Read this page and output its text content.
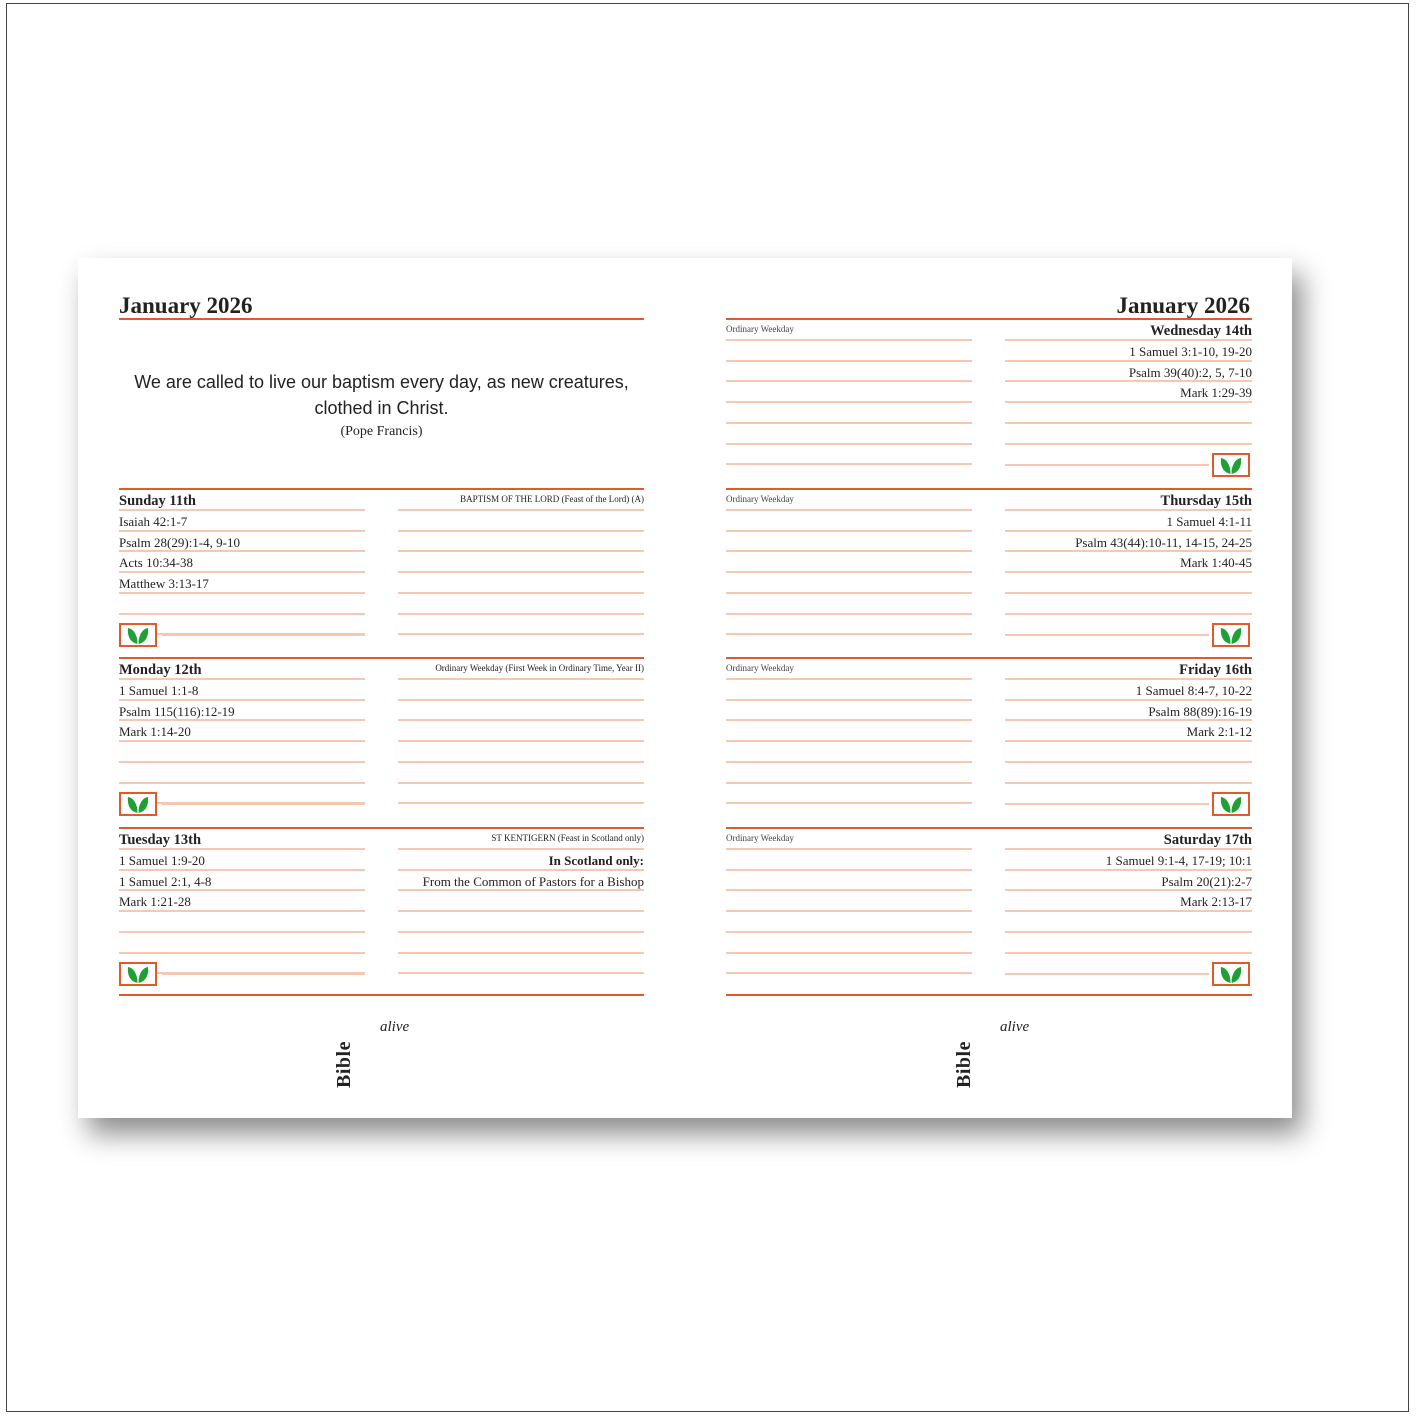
January 2026
We are called to live our baptism every day, as new creatures,
clothed in Christ.
(Pope Francis)
Sunday 11th	BAPTISM OF THE LORD (Feast of the Lord) (A)
Isaiah 42:1-7
Psalm 28(29):1-4, 9-10
Acts 10:34-38
Matthew 3:13-17
Monday 12th	Ordinary Weekday (First Week in Ordinary Time, Year II)
1 Samuel 1:1-8
Psalm 115(116):12-19
Mark 1:14-20
Tuesday 13th	ST KENTIGERN (Feast in Scotland only)
1 Samuel 1:9-20
1 Samuel 2:1, 4-8
Mark 1:21-28
In Scotland only:
From the Common of Pastors for a Bishop
Bible
alive
January 2026
Ordinary Weekday	Wednesday 14th
1 Samuel 3:1-10, 19-20
Psalm 39(40):2, 5, 7-10
Mark 1:29-39
Ordinary Weekday	Thursday 15th
1 Samuel 4:1-11
Psalm 43(44):10-11, 14-15, 24-25
Mark 1:40-45
Ordinary Weekday	Friday 16th
1 Samuel 8:4-7, 10-22
Psalm 88(89):16-19
Mark 2:1-12
Ordinary Weekday	Saturday 17th
1 Samuel 9:1-4, 17-19; 10:1
Psalm 20(21):2-7
Mark 2:13-17
Bible
alive
